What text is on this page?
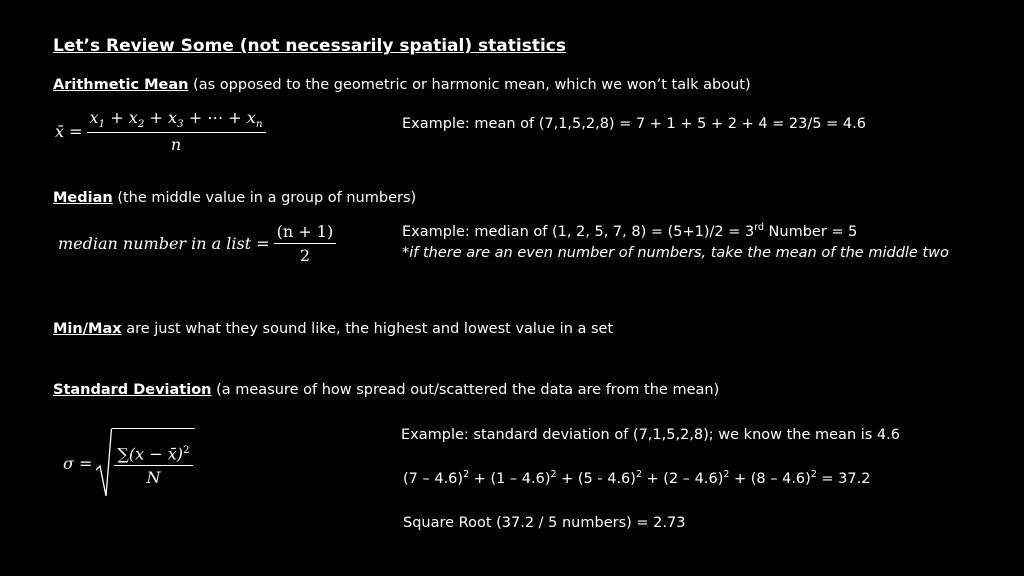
Let’s Review Some (not necessarily spatial) statistics
Arithmetic Mean (as opposed to the geometric or harmonic mean, which we won’t talk about)
x̄ = $\frac{x_1 + x_2 + x_3 + \cdots + x_n}{n}$	Example: mean of (7,1,5,2,8) = 7 + 1 + 5 + 2 + 4 = 23/5 = 4.6
Median (the middle value in a group of numbers)
median number in a list = $\frac{(n + 1)}{2}$	Example: median of (1, 2, 5, 7, 8) = (5+1)/2 = 3rd Number = 5
*if there are an even number of numbers, take the mean of the middle two
Min/Max are just what they sound like, the highest and lowest value in a set
Standard Deviation (a measure of how spread out/scattered the data are from the mean)
$\sigma = \frac{\sum(x - x̄)^2}{N}$
Example: standard deviation of (7,1,5,2,8); we know the mean is 4.6
(7 – 4.6)$^2$ + (1 – 4.6)$^2$ + (5 - 4.6)$^2$ + (2 – 4.6)$^2$ + (8 – 4.6)$^2$ = 37.2
Square Root (37.2 / 5 numbers) = 2.73
